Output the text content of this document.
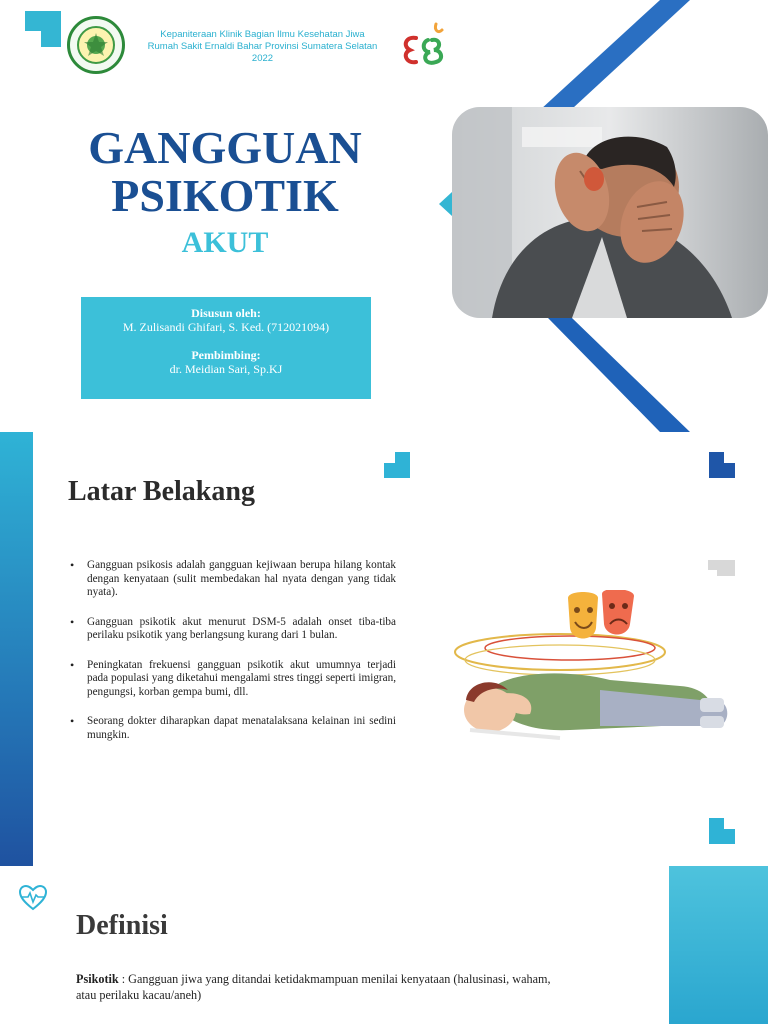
Kepaniteraan Klinik Bagian Ilmu Kesehatan Jiwa
Rumah Sakit Ernaldi Bahar Provinsi Sumatera Selatan
2022
GANGGUAN
PSIKOTIK
AKUT
Disusun oleh:
M. Zulisandi Ghifari, S. Ked. (712021094)
Pembimbing:
dr. Meidian Sari, Sp.KJ
Latar Belakang
• Gangguan psikosis adalah gangguan kejiwaan berupa hilang kontak dengan kenyataan (sulit membedakan hal nyata dengan yang tidak nyata).
• Gangguan psikotik akut menurut DSM-5 adalah onset tiba-tiba perilaku psikotik yang berlangsung kurang dari 1 bulan.
• Peningkatan frekuensi gangguan psikotik akut umumnya terjadi pada populasi yang diketahui mengalami stres tinggi seperti imigran, pengungsi, korban gempa bumi, dll.
• Seorang dokter diharapkan dapat menatalaksana kelainan ini sedini mungkin.
Definisi

Psikotik : Gangguan jiwa yang ditandai ketidakmampuan menilai kenyataan (halusinasi, waham, atau perilaku kacau/aneh)
